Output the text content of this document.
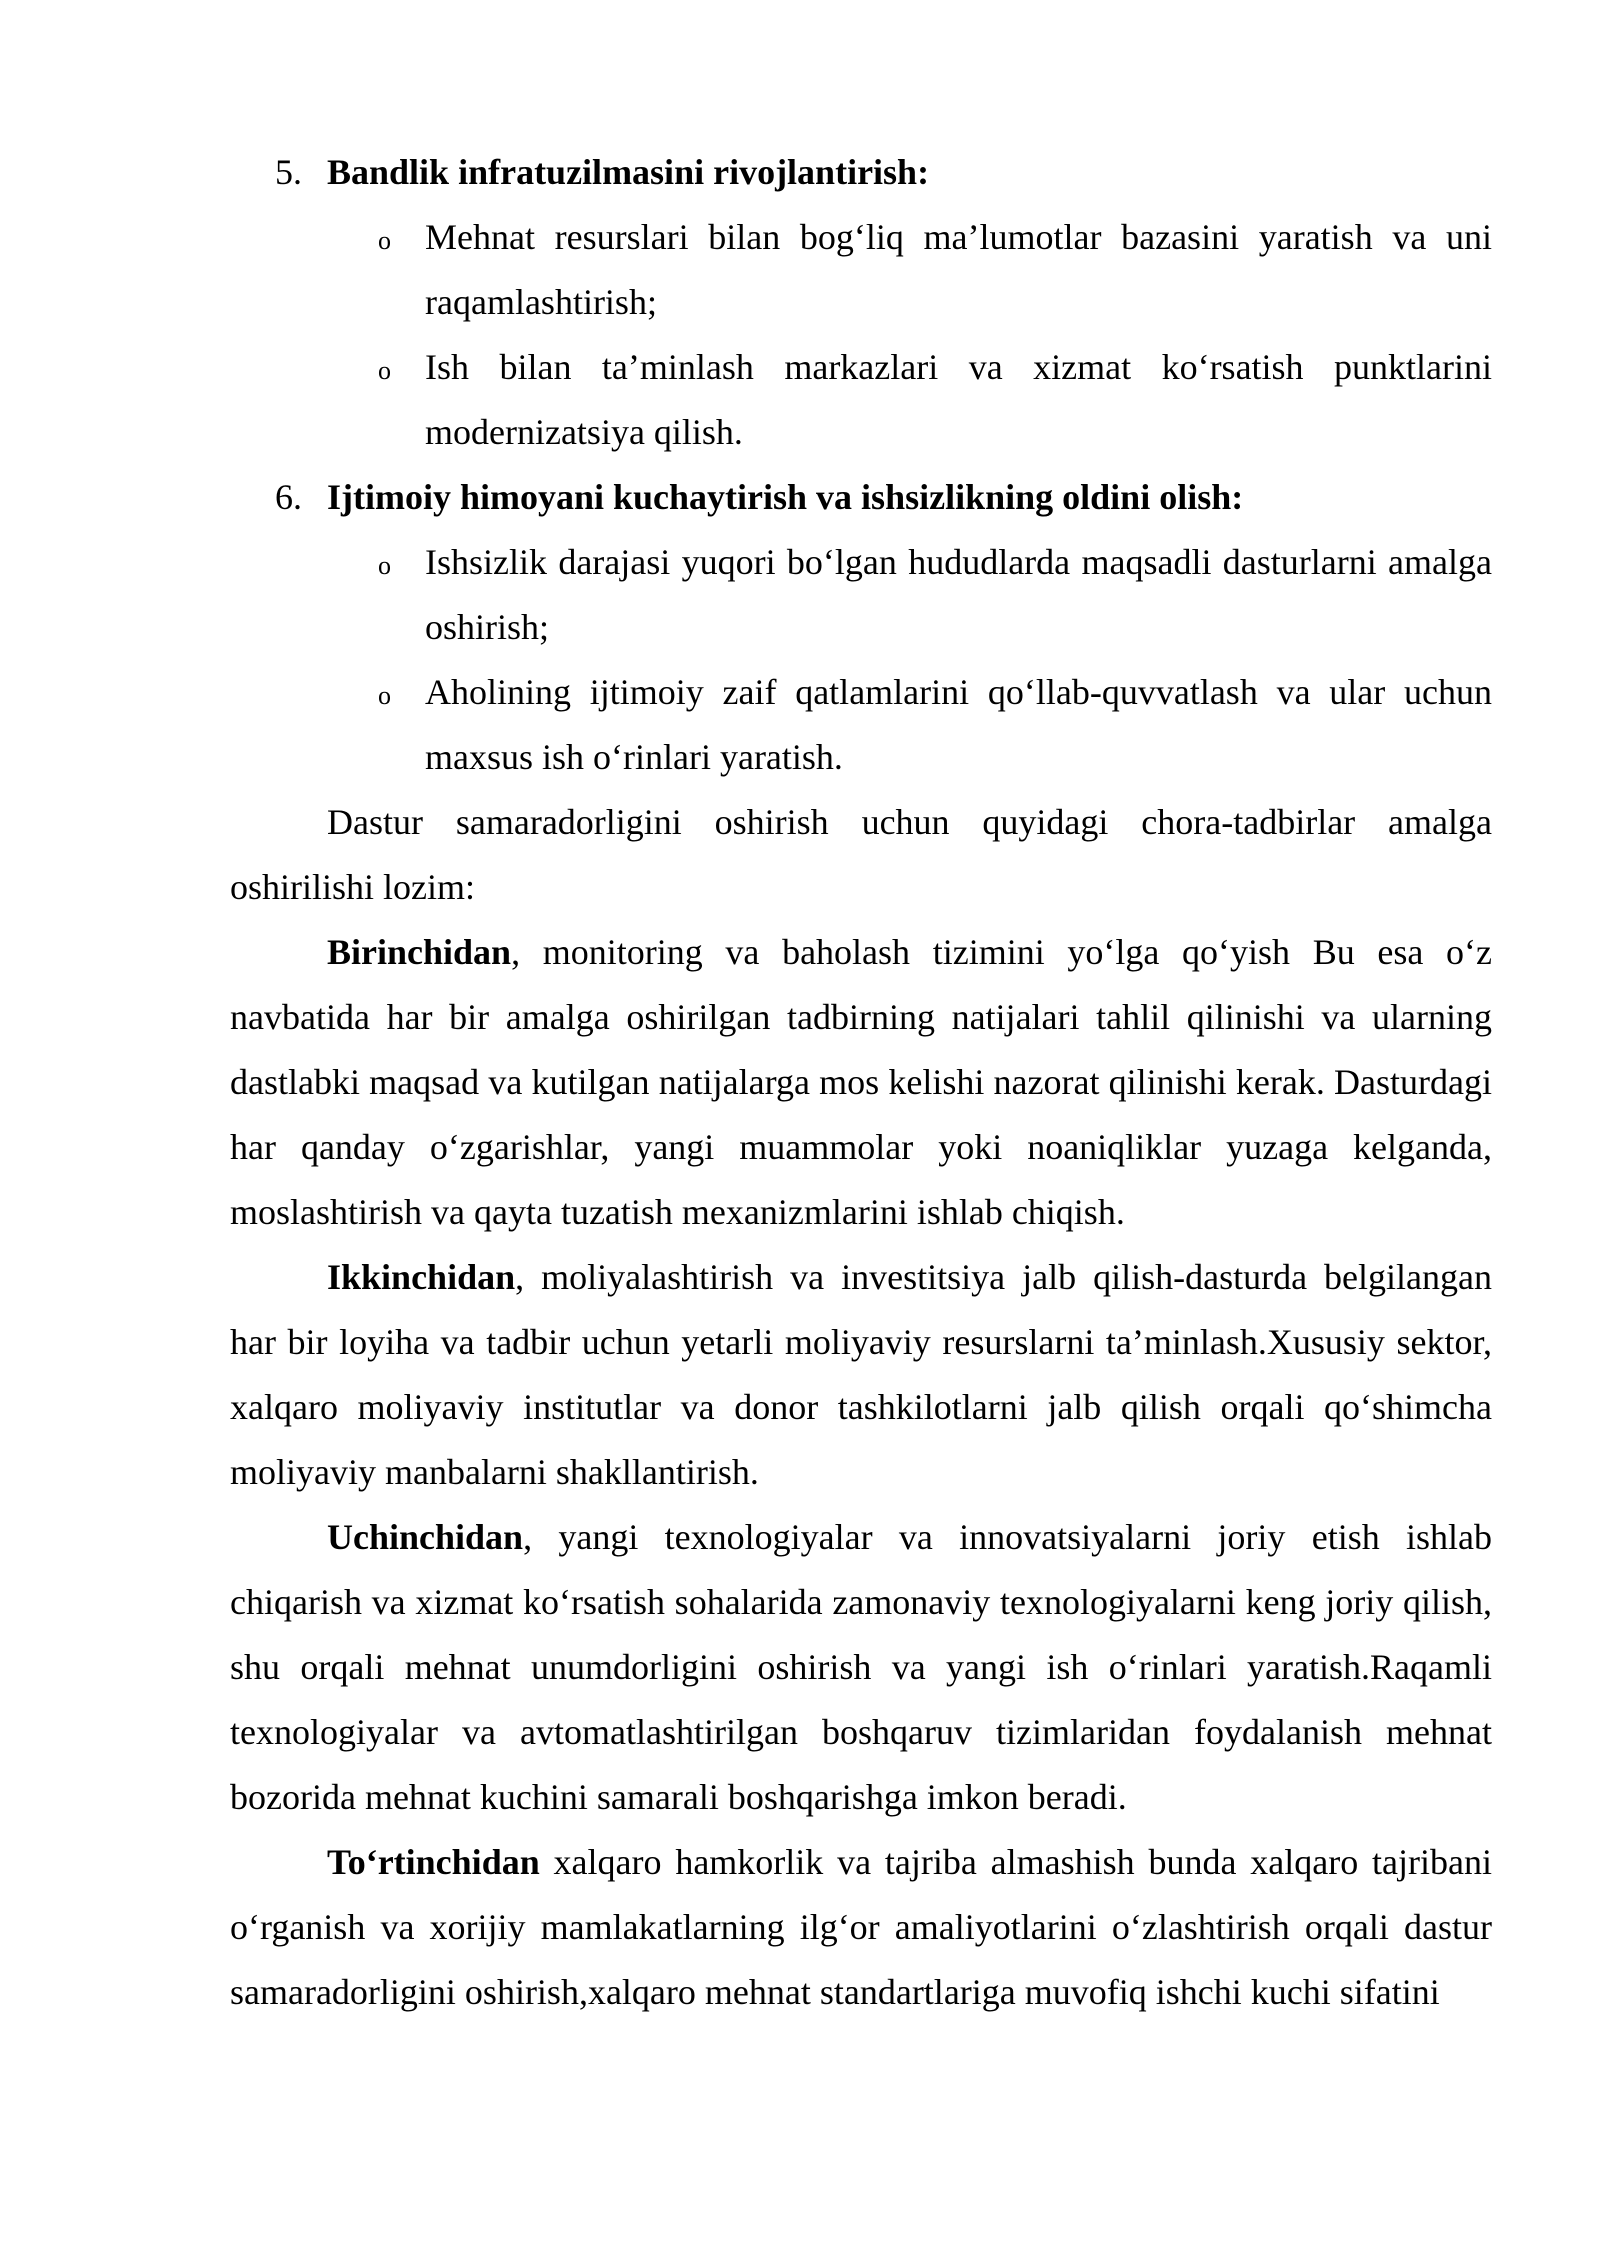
5. Bandlik infratuzilmasini rivojlantirish:
o Mehnat resurslari bilan bog‘liq ma’lumotlar bazasini yaratish va uni raqamlashtirish;
o Ish bilan ta’minlash markazlari va xizmat ko‘rsatish punktlarini modernizatsiya qilish.
6. Ijtimoiy himoyani kuchaytirish va ishsizlikning oldini olish:
o Ishsizlik darajasi yuqori bo‘lgan hududlarda maqsadli dasturlarni amalga oshirish;
o Aholining ijtimoiy zaif qatlamlarini qo‘llab-quvvatlash va ular uchun maxsus ish o‘rinlari yaratish.

Dastur samaradorligini oshirish uchun quyidagi chora-tadbirlar amalga oshirilishi lozim:

Birinchidan, monitoring va baholash tizimini yo‘lga qo‘yish Bu esa o‘z navbatida har bir amalga oshirilgan tadbirning natijalari tahlil qilinishi va ularning dastlabki maqsad va kutilgan natijalarga mos kelishi nazorat qilinishi kerak. Dasturdagi har qanday o‘zgarishlar, yangi muammolar yoki noaniqliklar yuzaga kelganda, moslashtirish va qayta tuzatish mexanizmlarini ishlab chiqish.

Ikkinchidan, moliyalashtirish va investitsiya jalb qilish-dasturda belgilangan har bir loyiha va tadbir uchun yetarli moliyaviy resurslarni ta’minlash.Xususiy sektor, xalqaro moliyaviy institutlar va donor tashkilotlarni jalb qilish orqali qo‘shimcha moliyaviy manbalarni shakllantirish.

Uchinchidan, yangi texnologiyalar va innovatsiyalarni joriy etish ishlab chiqarish va xizmat ko‘rsatish sohalarida zamonaviy texnologiyalarni keng joriy qilish, shu orqali mehnat unumdorligini oshirish va yangi ish o‘rinlari yaratish.Raqamli texnologiyalar va avtomatlashtirilgan boshqaruv tizimlaridan foydalanish mehnat bozorida mehnat kuchini samarali boshqarishga imkon beradi.

To‘rtinchidan xalqaro hamkorlik va tajriba almashish bunda xalqaro tajribani o‘rganish va xorijiy mamlakatlarning ilg‘or amaliyotlarini o‘zlashtirish orqali dastur samaradorligini oshirish,xalqaro mehnat standartlariga muvofiq ishchi kuchi sifatini
